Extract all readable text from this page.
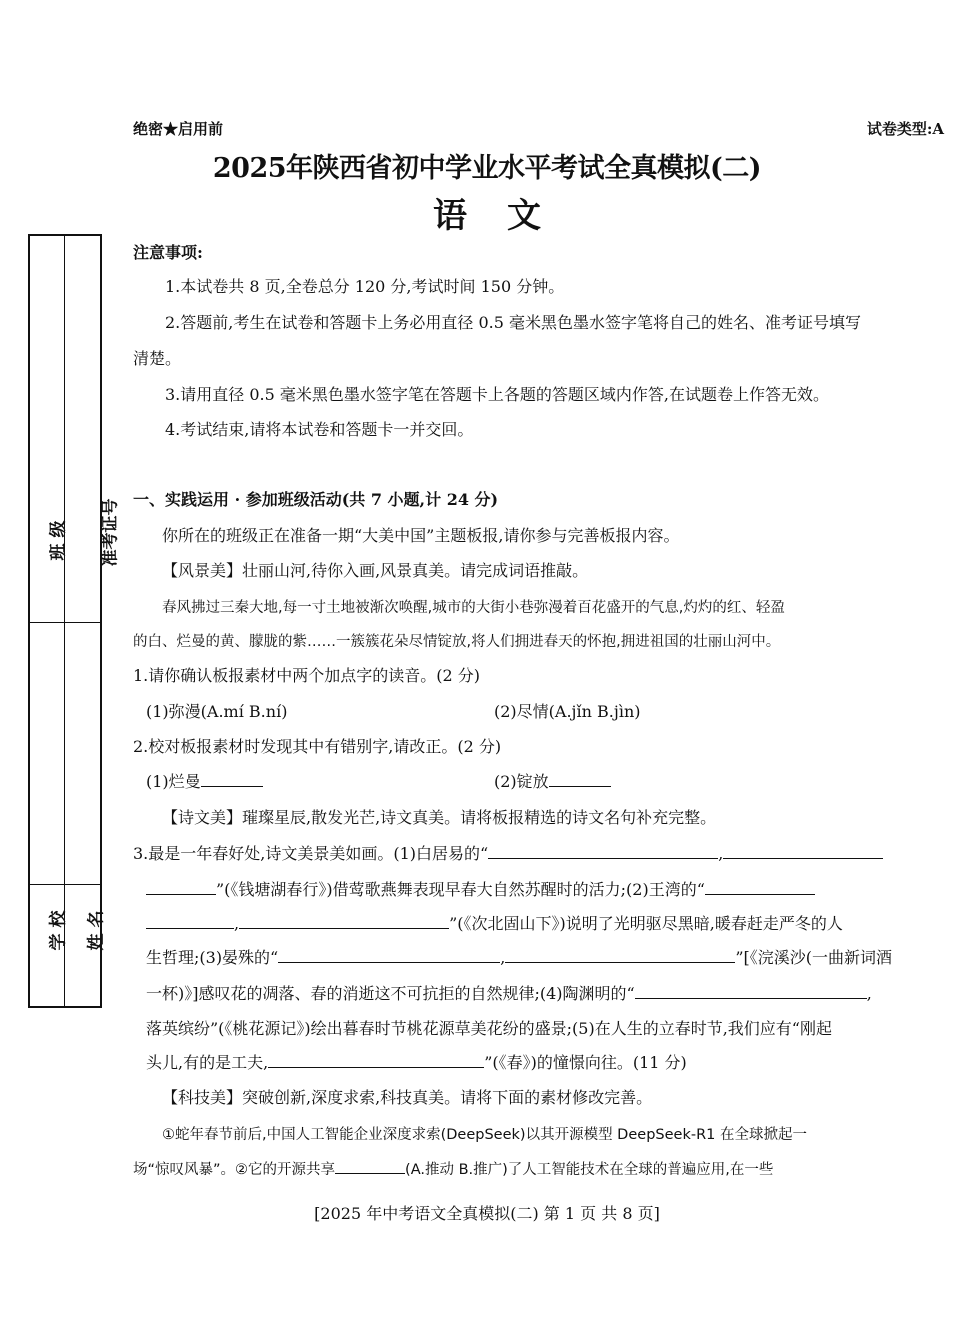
绝密★启用前	试卷类型:A
2025年陕西省初中学业水平考试全真模拟(二)
语文
班 级	准考证号
学 校	姓 名
注意事项:
1.本试卷共 8 页,全卷总分 120 分,考试时间 150 分钟。
2.答题前,考生在试卷和答题卡上务必用直径 0.5 毫米黑色墨水签字笔将自己的姓名、准考证号填写
清楚。
3.请用直径 0.5 毫米黑色墨水签字笔在答题卡上各题的答题区域内作答,在试题卷上作答无效。
4.考试结束,请将本试卷和答题卡一并交回。
一、实践运用 · 参加班级活动(共 7 小题,计 24 分)
你所在的班级正在准备一期“大美中国”主题板报,请你参与完善板报内容。
【风景美】壮丽山河,待你入画,风景真美。请完成词语推敲。
春风拂过三秦大地,每一寸土地被渐次唤醒,城市的大街小巷弥漫着百花盛开的气息,灼灼的红、轻盈
的白、烂曼的黄、朦胧的紫……一簇簇花朵尽情锭放,将人们拥进春天的怀抱,拥进祖国的壮丽山河中。
1.请你确认板报素材中两个加点字的读音。(2 分)
(1)弥漫(A.mí B.ní)	(2)尽情(A.jǐn B.jìn)
2.校对板报素材时发现其中有错别字,请改正。(2 分)
(1)烂曼	(2)锭放
【诗文美】璀璨星辰,散发光芒,诗文真美。请将板报精选的诗文名句补充完整。
3.最是一年春好处,诗文美景美如画。(1)白居易的“	,
”(《钱塘湖春行》)借莺歌燕舞表现早春大自然苏醒时的活力;(2)王湾的“
,	”(《次北固山下》)说明了光明驱尽黑暗,暖春赶走严冬的人
生哲理;(3)晏殊的“	,	”[《浣溪沙(一曲新词酒
一杯)》]感叹花的凋落、春的消逝这不可抗拒的自然规律;(4)陶渊明的“	,
落英缤纷”(《桃花源记》)绘出暮春时节桃花源草美花纷的盛景;(5)在人生的立春时节,我们应有“刚起
头儿,有的是工夫,	”(《春》)的憧憬向往。(11 分)
【科技美】突破创新,深度求索,科技真美。请将下面的素材修改完善。
①蛇年春节前后,中国人工智能企业深度求索(DeepSeek)以其开源模型 DeepSeek-R1 在全球掀起一
场“惊叹风暴”。②它的开源共享	(A.推动 B.推广)了人工智能技术在全球的普遍应用,在一些
[2025 年中考语文全真模拟(二) 第 1 页 共 8 页]
